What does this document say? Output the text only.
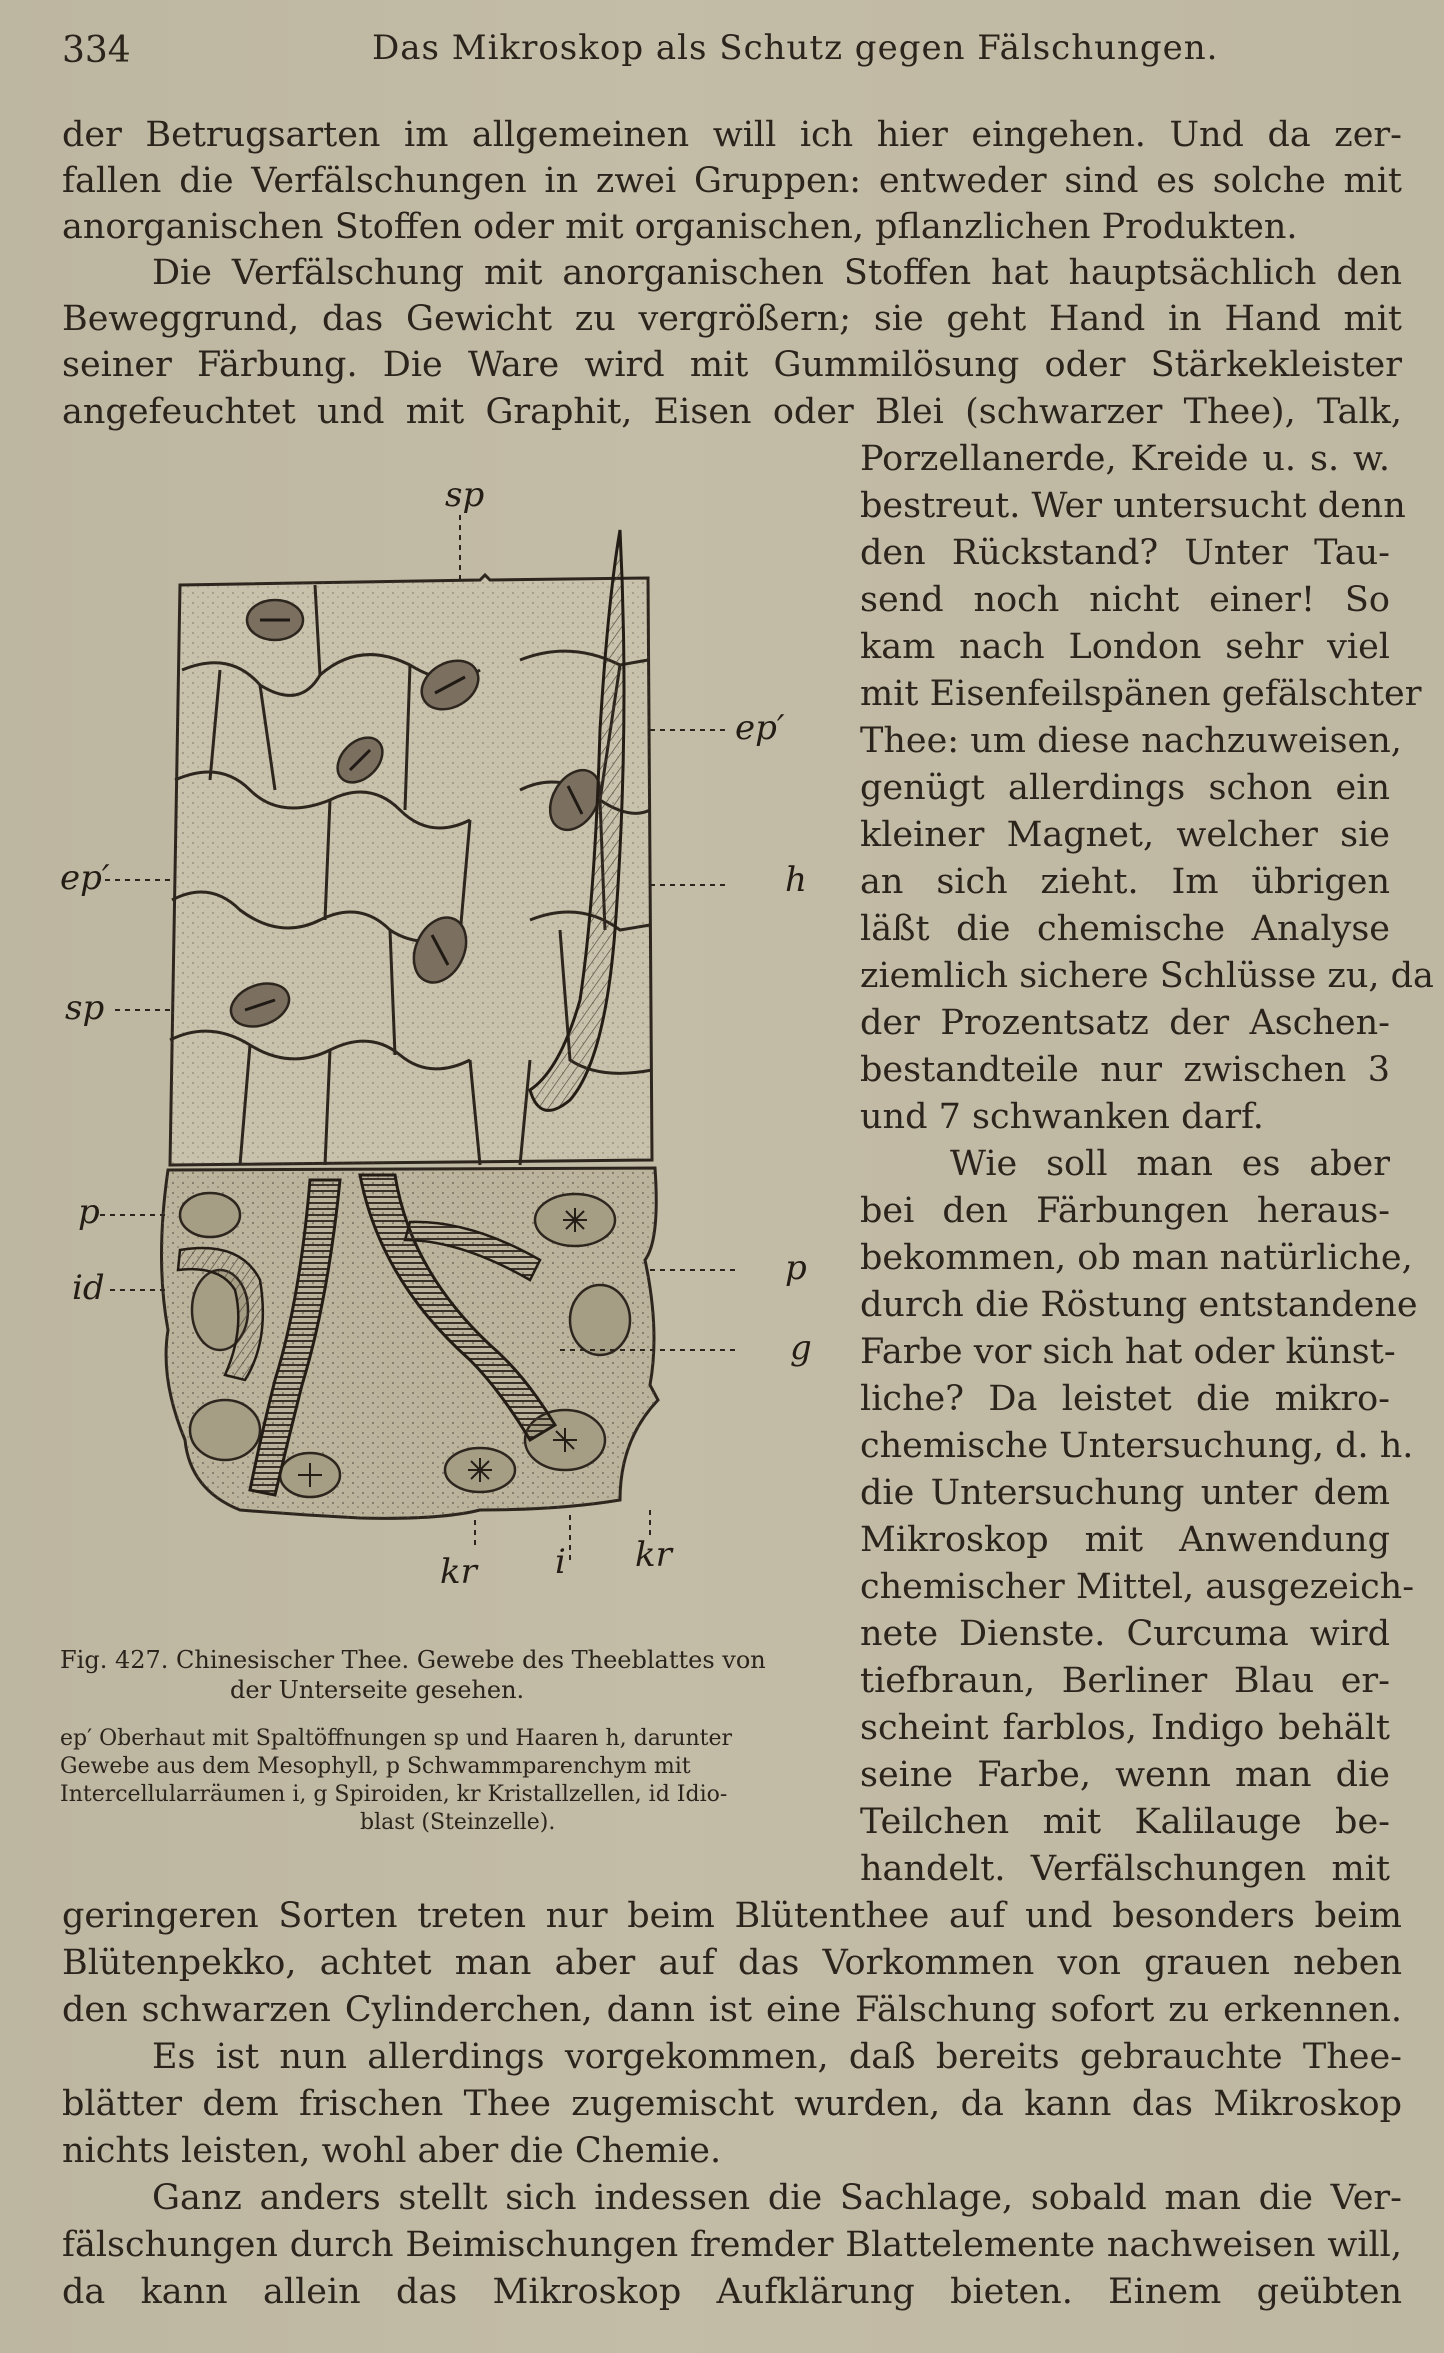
334	Das Mikroskop als Schutz gegen Fälschungen.

der Betrugsarten im allgemeinen will ich hier eingehen. Und da zer-

fallen die Verfälschungen in zwei Gruppen: entweder sind es solche mit

anorganischen Stoffen oder mit organischen, pflanzlichen Produkten.

Die Verfälschung mit anorganischen Stoffen hat hauptsächlich den

Beweggrund, das Gewicht zu vergrößern; sie geht Hand in Hand mit

seiner Färbung. Die Ware wird mit Gummilösung oder Stärkekleister

angefeuchtet und mit Graphit, Eisen oder Blei (schwarzer Thee), Talk,

Porzellanerde, Kreide u. s. w.

bestreut. Wer untersucht denn

den Rückstand? Unter Tau-

send noch nicht einer! So

kam nach London sehr viel

mit Eisenfeilspänen gefälschter

Thee: um diese nachzuweisen,

genügt allerdings schon ein

kleiner Magnet, welcher sie

an sich zieht. Im übrigen

läßt die chemische Analyse

ziemlich sichere Schlüsse zu, da

der Prozentsatz der Aschen-

bestandteile nur zwischen 3

und 7 schwanken darf.

Wie soll man es aber

bei den Färbungen heraus-

bekommen, ob man natürliche,

durch die Röstung entstandene

Farbe vor sich hat oder künst-

liche? Da leistet die mikro-

chemische Untersuchung, d. h.

die Untersuchung unter dem

Mikroskop mit Anwendung

chemischer Mittel, ausgezeich-

nete Dienste. Curcuma wird

tiefbraun, Berliner Blau er-

scheint farblos, Indigo behält

seine Farbe, wenn man die

Teilchen mit Kalilauge be-

handelt. Verfälschungen mit

geringeren Sorten treten nur beim Blütenthee auf und besonders beim

Blütenpekko, achtet man aber auf das Vorkommen von grauen neben

den schwarzen Cylinderchen, dann ist eine Fälschung sofort zu erkennen.

Es ist nun allerdings vorgekommen, daß bereits gebrauchte Thee-

blätter dem frischen Thee zugemischt wurden, da kann das Mikroskop

nichts leisten, wohl aber die Chemie.

Ganz anders stellt sich indessen die Sachlage, sobald man die Ver-

fälschungen durch Beimischungen fremder Blattelemente nachweisen will,

da kann allein das Mikroskop Aufklärung bieten. Einem geübten

sp
ep′
ep′	h
sp
p
id	p
g
kr i kr

Fig. 427. Chinesischer Thee. Gewebe des Theeblattes von
der Unterseite gesehen.

ep′ Oberhaut mit Spaltöffnungen sp und Haaren h, darunter
Gewebe aus dem Mesophyll, p Schwammparenchym mit
Intercellularräumen i, g Spiroiden, kr Kristallzellen, id Idio-
blast (Steinzelle).
